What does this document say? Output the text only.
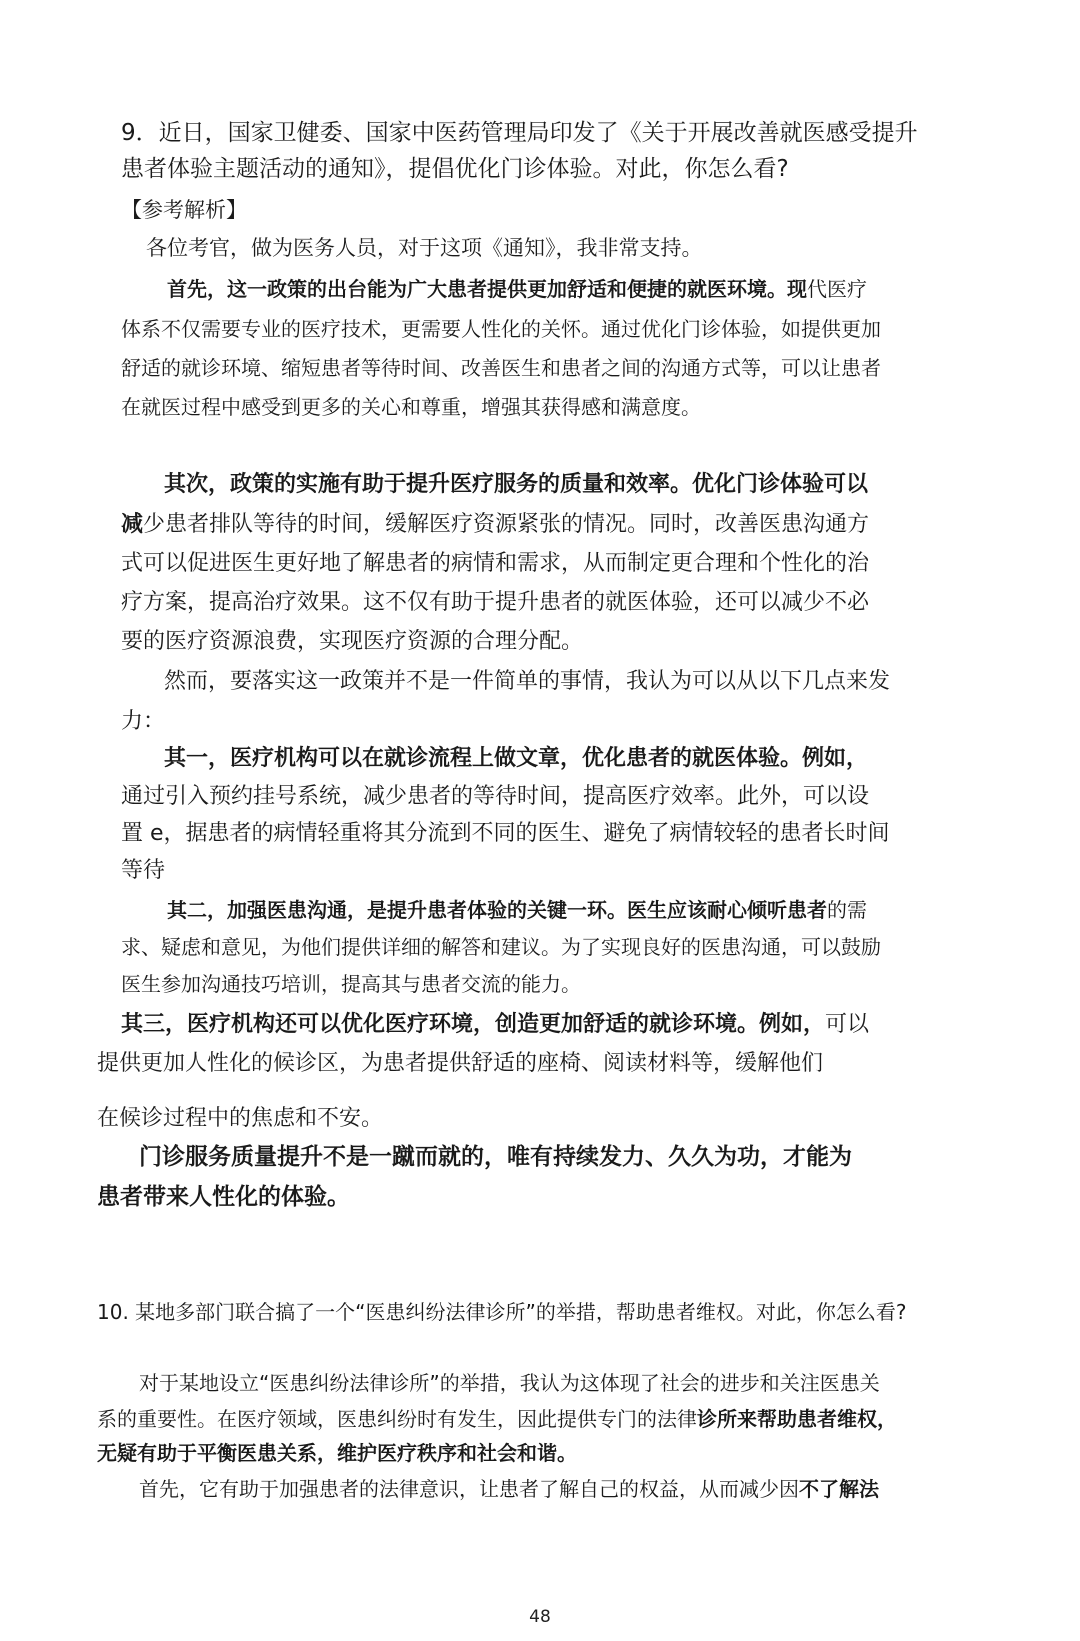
9．近日，国家卫健委、国家中医药管理局印发了《关于开展改善就医感受提升
患者体验主题活动的通知》，提倡优化门诊体验。对此，你怎么看?
【参考解析】
各位考官，做为医务人员，对于这项《通知》，我非常支持。
首先，这一政策的出台能为广大患者提供更加舒适和便捷的就医环境。现代医疗
体系不仅需要专业的医疗技术，更需要人性化的关怀。通过优化门诊体验，如提供更加
舒适的就诊环境、缩短患者等待时间、改善医生和患者之间的沟通方式等，可以让患者
在就医过程中感受到更多的关心和尊重，增强其获得感和满意度。
其次，政策的实施有助于提升医疗服务的质量和效率。优化门诊体验可以
减少患者排队等待的时间，缓解医疗资源紧张的情况。同时，改善医患沟通方
式可以促进医生更好地了解患者的病情和需求，从而制定更合理和个性化的治
疗方案，提高治疗效果。这不仅有助于提升患者的就医体验，还可以减少不必
要的医疗资源浪费，实现医疗资源的合理分配。
然而，要落实这一政策并不是一件简单的事情，我认为可以从以下几点来发
力：
其一，医疗机构可以在就诊流程上做文章，优化患者的就医体验。例如，
通过引入预约挂号系统，减少患者的等待时间，提高医疗效率。此外，可以设
置 e，据患者的病情轻重将其分流到不同的医生、避免了病情较轻的患者长时间
等待
其二，加强医患沟通，是提升患者体验的关键一环。医生应该耐心倾听患者的需
求、疑虑和意见，为他们提供详细的解答和建议。为了实现良好的医患沟通，可以鼓励
医生参加沟通技巧培训，提高其与患者交流的能力。
其三，医疗机构还可以优化医疗环境，创造更加舒适的就诊环境。例如，可以
提供更加人性化的候诊区，为患者提供舒适的座椅、阅读材料等，缓解他们
在候诊过程中的焦虑和不安。
门诊服务质量提升不是一蹴而就的，唯有持续发力、久久为功，才能为
患者带来人性化的体验。
10. 某地多部门联合搞了一个“医患纠纷法律诊所”的举措，帮助患者维权。对此，你怎么看?
对于某地设立“医患纠纷法律诊所”的举措，我认为这体现了社会的进步和关注医患关
系的重要性。在医疗领域，医患纠纷时有发生，因此提供专门的法律诊所来帮助患者维权，
无疑有助于平衡医患关系，维护医疗秩序和社会和谐。
首先，它有助于加强患者的法律意识，让患者了解自己的权益，从而减少因不了解法
48
